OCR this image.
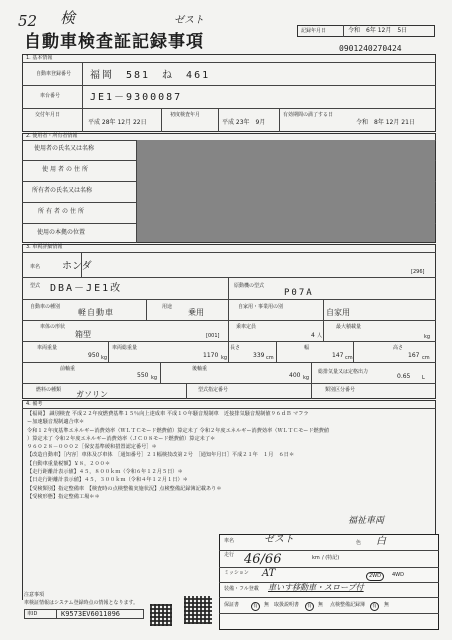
52 検	ゼスト
記録年月日	令和　6年 12月　5日
自動車検査証記録事項	0901240270424
1. 基本情報
自動車登録番号 福岡　581　ね　461
車台番号	JE1－9300087
交付年月日
平成 28年 12月 22日
初度検査年月
平成 23年　9月
有効期間の満了する日
令和　8年 12月 21日
2. 使用者・所有者情報
使用者の氏名又は名称
使用者の住所
所有者の氏名又は名称
所有者の住所
使用の本拠の位置
3. 車両詳細情報
車名 ホンダ	[296]
型式 DBA－JE1改	原動機の型式
P07A
自動車の種別
軽自動車
用途
乗用
自家用・事業用の別
自家用
車体の形状
箱型	[001]
乗車定員
4 人
最大積載量
kg
車両重量
950 kg
車両総重量
1170 kg
長さ
339 cm
幅
147 cm
高さ
167 cm
前軸重
550 kg
後軸重
400 kg
総排気量又は定格出力
0.65 L
燃料の種類 ガソリン	型式指定番号	類別区分番号
4. 備考
【福岡】 識別検査 平成２２年度燃費基準１５％向上達成車 平成１０年騒音規制車　近接排気騒音規制値９６ｄＢ マフラ
ー加速騒音規制適合車＊
令和１２年度基準エネルギー消費効率（ＷＬＴＣモード燃費値）算定未了 令和２年度エネルギー消費効率（ＷＬＴＣモード燃費値
）算定未了 令和２年度エネルギー消費効率（ＪＣ０８モード燃費値）算定未了＊
９６０２８－０００２［保安基準緩和措置認定番号］＊
【改造自動車】［内容］車体及び車体　［通知番号］２１幅検技改第２号　［通知年月日］平成２１年　１月　６日＊
【自動車重量税額】￥８，２００＊
【走行距離計表示値】４５，８００ｋｍ（令和６年１２月５日）＊
【日走行距離計表示値】４５，３００ｋｍ（令和４年１２月１日）＊
【受検類別】指定整備車　【検査時の点検整備実施状況】点検整備記録簿記載あり＊
【受検形態】指定整備工場＊＊
福祉車両
車名	ゼスト	色 白
走行 46/66	km / (特記)
ミッション AT	2WD	4WD
装備・フル登載 車いす移動車・スロープ付
保証書	有	無 取扱説明書	有	無 点検整備記録簿	有	無
注意事項
車検証情報はシステム登録時点の情報となります。
車ID	K9573EV6011096
